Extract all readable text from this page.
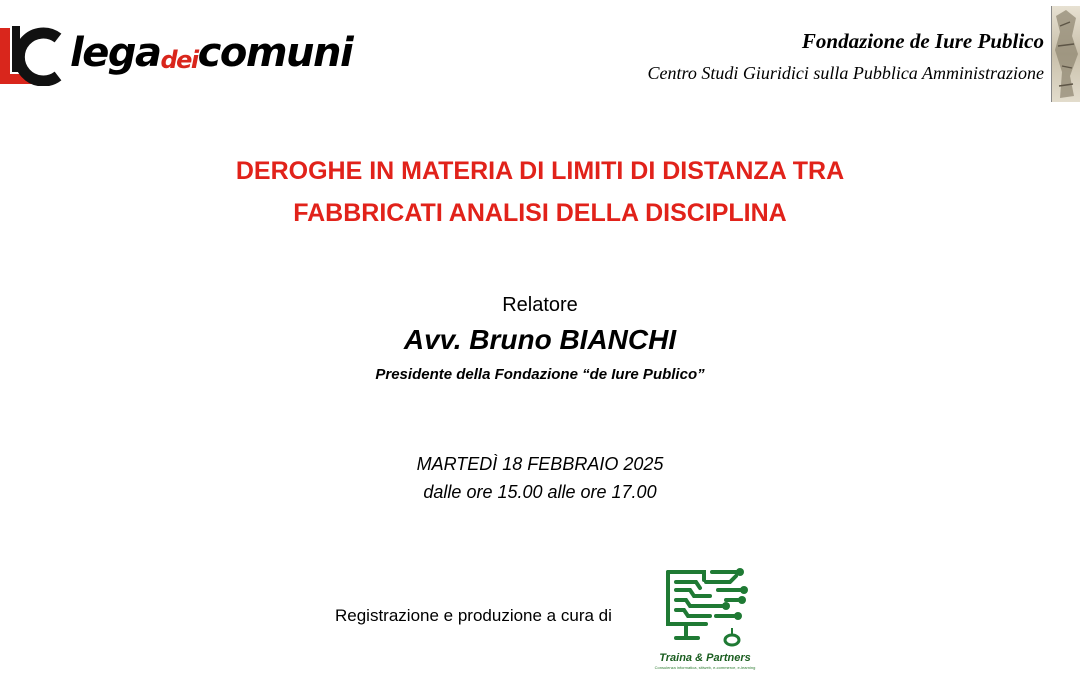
legadeicomuni	Fondazione de Iure Publico
Centro Studi Giuridici sulla Pubblica Amministrazione
DEROGHE IN MATERIA DI LIMITI DI DISTANZA TRA
FABBRICATI ANALISI DELLA DISCIPLINA
Relatore
Avv. Bruno BIANCHI
Presidente della Fondazione “de Iure Publico”
MARTEDÌ 18 FEBBRAIO 2025
dalle ore 15.00 alle ore 17.00
Registrazione e produzione a cura di
Traina & Partners
Consulenza informatica, sitiweb, e-commerce, e-learning
